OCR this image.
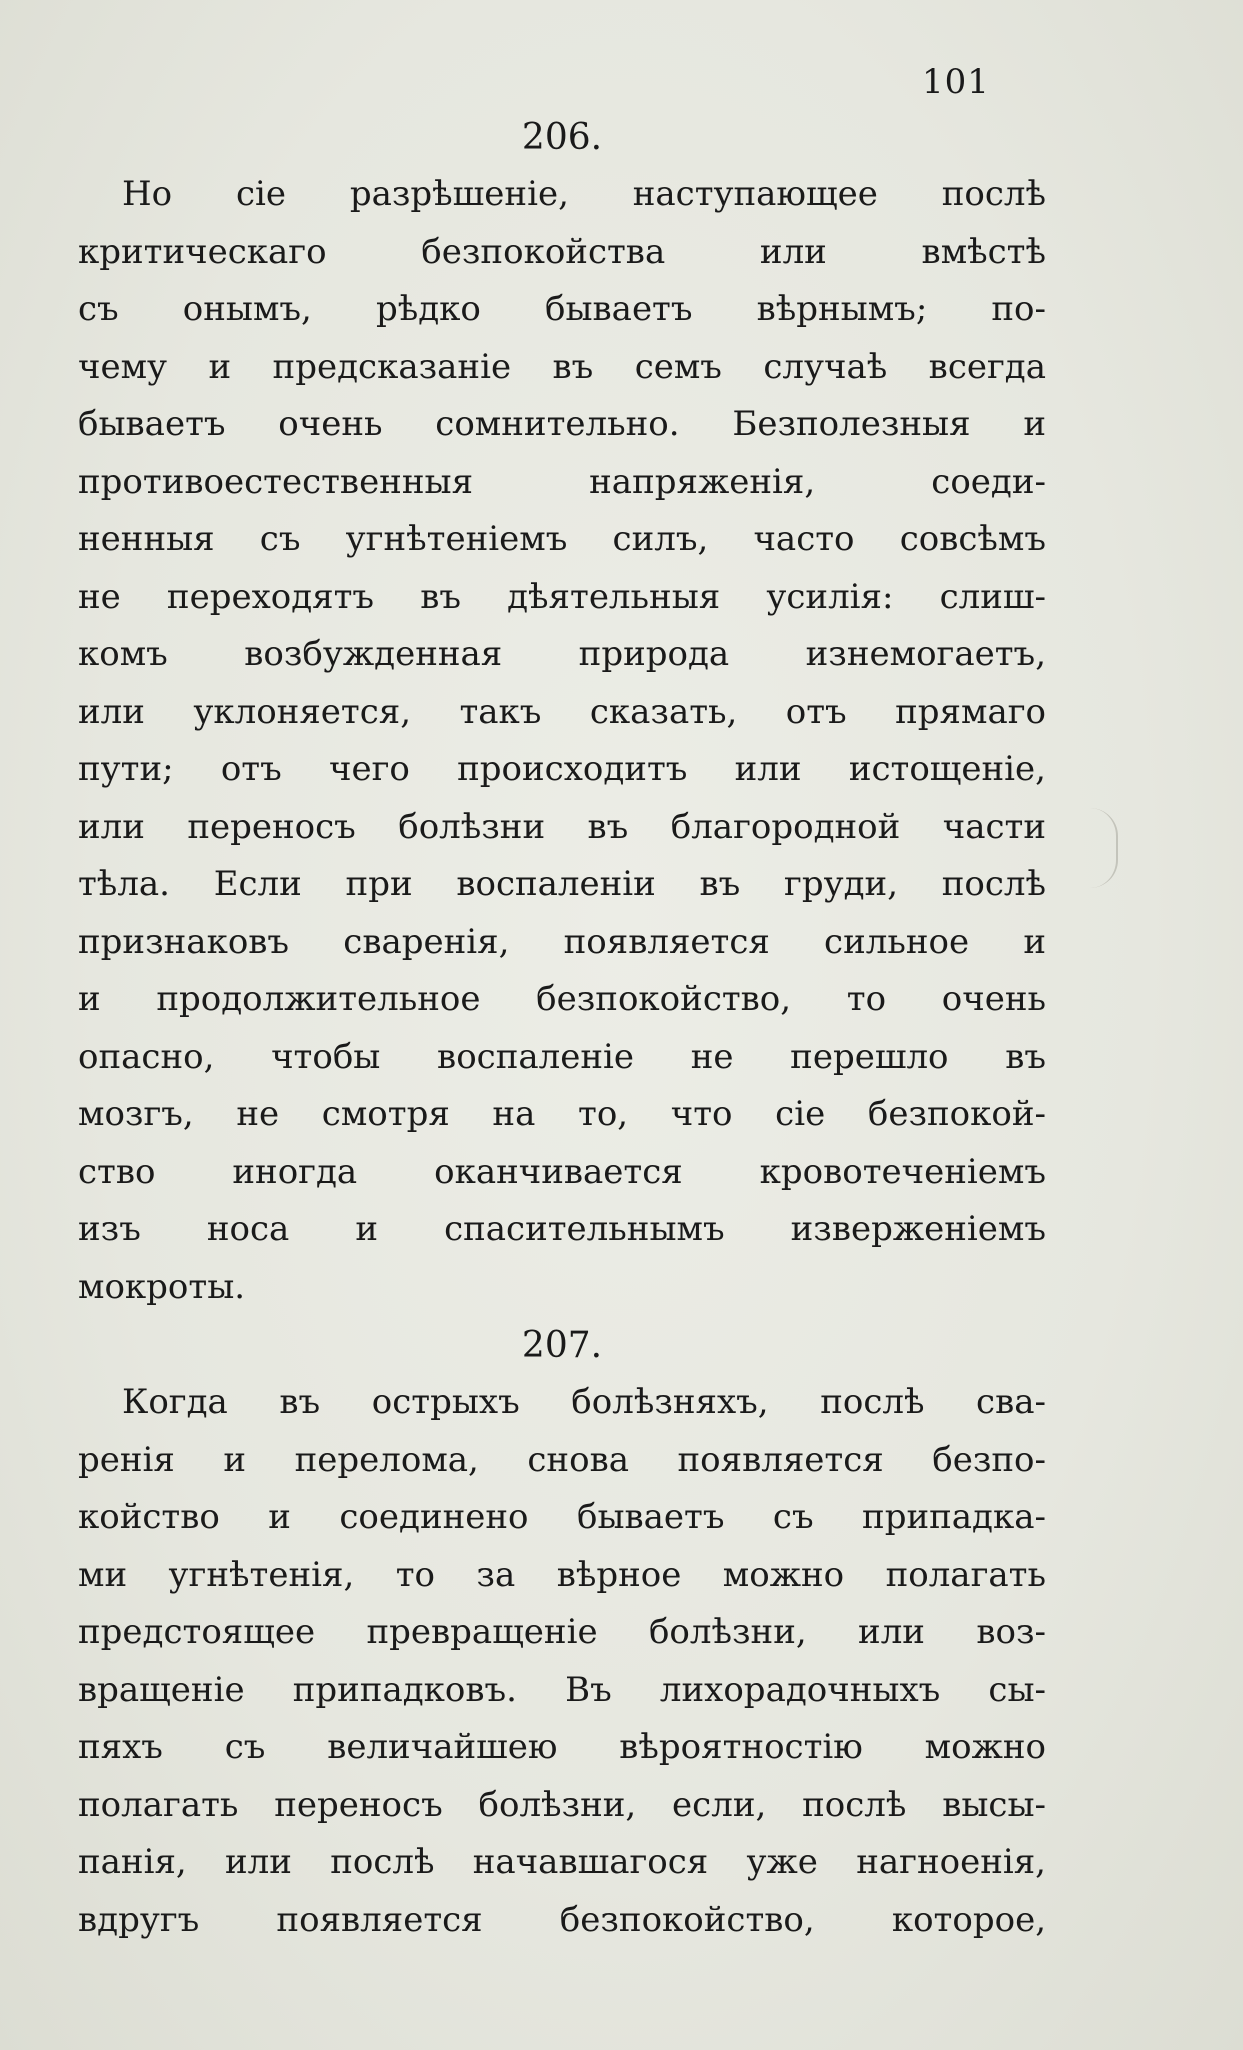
101
206.
Но сіе разрѣшеніе, наступающее послѣ
критическаго безпокойства или вмѣстѣ
съ онымъ, рѣдко бываетъ вѣрнымъ; по-
чему и предсказаніе въ семъ случаѣ всегда
бываетъ очень сомнительно. Безполезныя и
противоестественныя напряженія, соеди-
ненныя съ угнѣтеніемъ силъ, часто совсѣмъ
не переходятъ въ дѣятельныя усилія: слиш-
комъ возбужденная природа изнемогаетъ,
или уклоняется, такъ сказать, отъ прямаго
пути; отъ чего происходитъ или истощеніе,
или переносъ болѣзни въ благородной части
тѣла. Если при воспаленіи въ груди, послѣ
признаковъ сваренія, появляется сильное и
и продолжительное безпокойство, то очень
опасно, чтобы воспаленіе не перешло въ
мозгъ, не смотря на то, что сіе безпокой-
ство иногда оканчивается кровотеченіемъ
изъ носа и спасительнымъ изверженіемъ
мокроты.
207.
Когда въ острыхъ болѣзняхъ, послѣ сва-
ренія и перелома, снова появляется безпо-
койство и соединено бываетъ съ припадка-
ми угнѣтенія, то за вѣрное можно полагать
предстоящее превращеніе болѣзни, или воз-
вращеніе припадковъ. Въ лихорадочныхъ сы-
пяхъ съ величайшею вѣроятностію можно
полагать переносъ болѣзни, если, послѣ высы-
панія, или послѣ начавшагося уже нагноенія,
вдругъ появляется безпокойство, которое,
